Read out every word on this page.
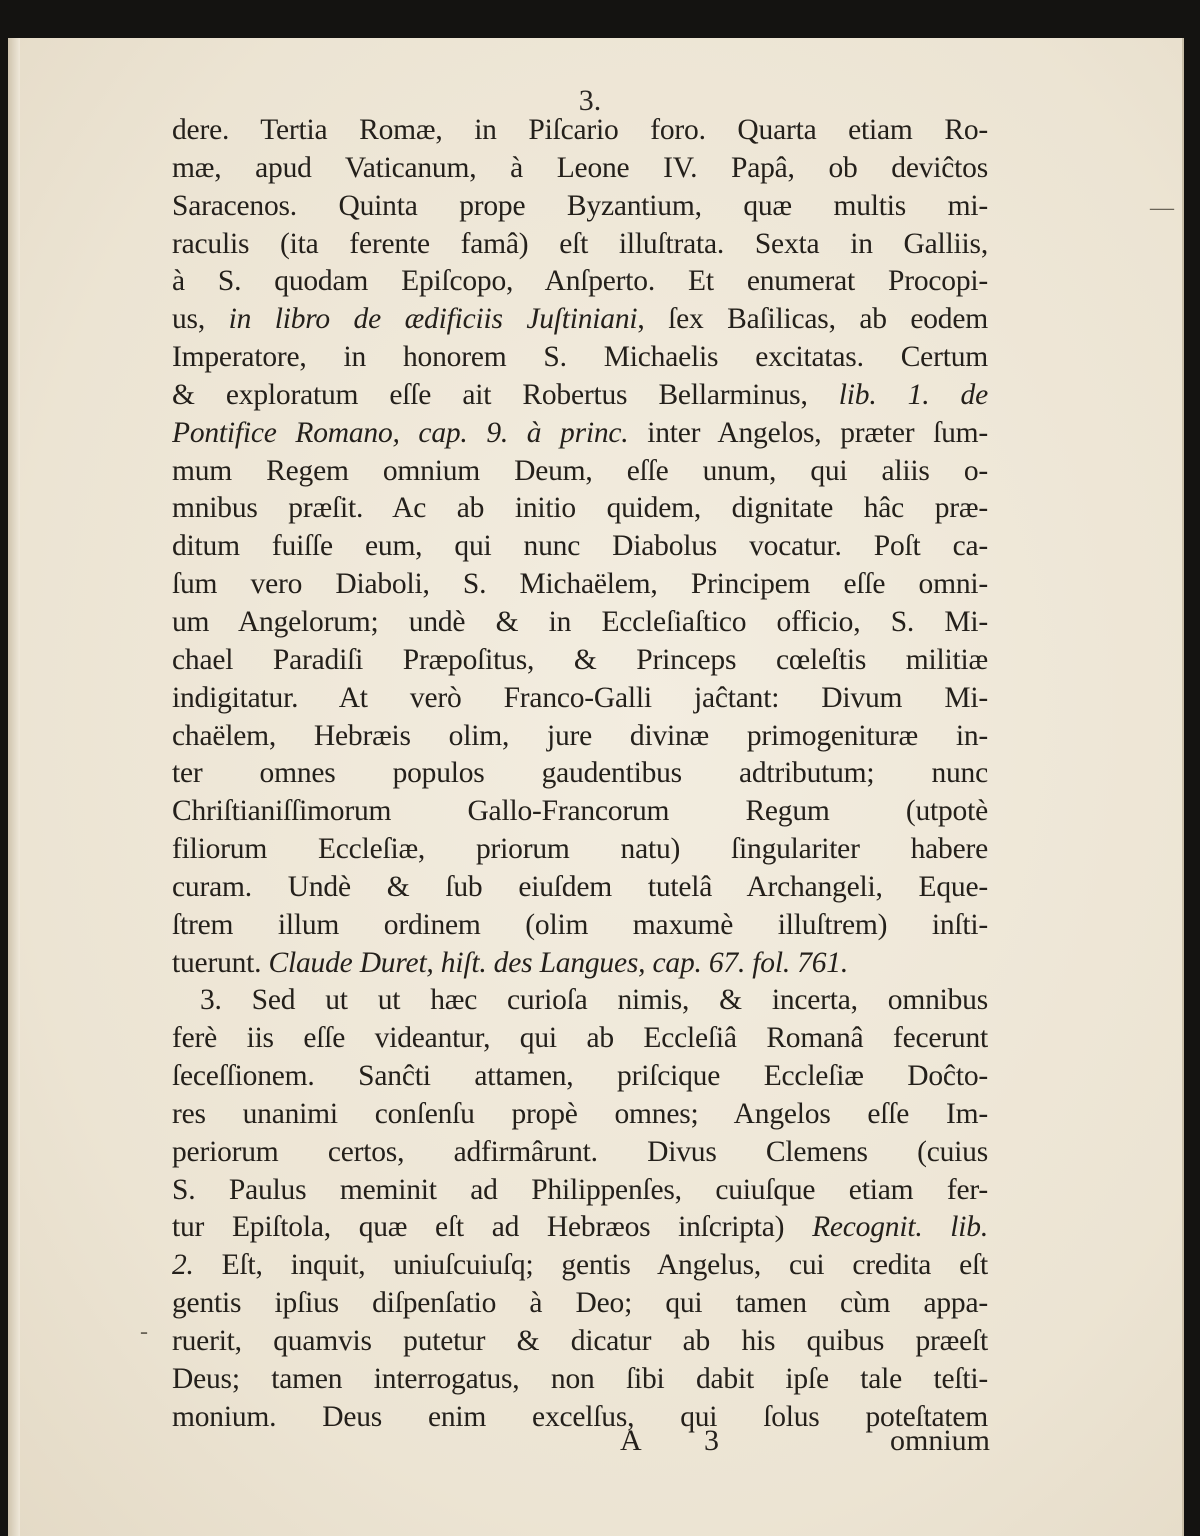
—
-
3.
dere. Tertia Romæ, in Piſcario foro. Quarta etiam Ro-
mæ, apud Vaticanum, à Leone IV. Papâ, ob deviĉtos
Saracenos. Quinta prope Byzantium, quæ multis mi-
raculis (ita ferente famâ) eſt illuſtrata. Sexta in Galliis,
à S. quodam Epiſcopo, Anſperto. Et enumerat Procopi-
us, in libro de ædificiis Juſtiniani, ſex Baſilicas, ab eodem
Imperatore, in honorem S. Michaelis excitatas. Certum
& exploratum eſſe ait Robertus Bellarminus, lib. 1. de
Pontifice Romano, cap. 9. à princ. inter Angelos, præter ſum-
mum Regem omnium Deum, eſſe unum, qui aliis o-
mnibus præſit. Ac ab initio quidem, dignitate hâc præ-
ditum fuiſſe eum, qui nunc Diabolus vocatur. Poſt ca-
ſum vero Diaboli, S. Michaëlem, Principem eſſe omni-
um Angelorum; undè & in Eccleſiaſtico officio, S. Mi-
chael Paradiſi Præpoſitus, & Princeps cœleſtis militiæ
indigitatur. At verò Franco-Galli jaĉtant: Divum Mi-
chaëlem, Hebræis olim, jure divinæ primogenituræ in-
ter omnes populos gaudentibus adtributum; nunc
Chriſtianiſſimorum Gallo-Francorum Regum (utpotè
filiorum Eccleſiæ, priorum natu) ſingulariter habere
curam. Undè & ſub eiuſdem tutelâ Archangeli, Eque-
ſtrem illum ordinem (olim maxumè illuſtrem) inſti-
tuerunt. Claude Duret, hiſt. des Langues, cap. 67. fol. 761.
3. Sed ut ut hæc curioſa nimis, & incerta, omnibus
ferè iis eſſe videantur, qui ab Eccleſiâ Romanâ fecerunt
ſeceſſionem. Sanĉti attamen, priſcique Eccleſiæ Doĉto-
res unanimi conſenſu propè omnes; Angelos eſſe Im-
periorum certos, adfirmârunt. Divus Clemens (cuius
S. Paulus meminit ad Philippenſes, cuiuſque etiam fer-
tur Epiſtola, quæ eſt ad Hebræos inſcripta) Recognit. lib.
2. Eſt, inquit, uniuſcuiuſq; gentis Angelus, cui credita eſt
gentis ipſius diſpenſatio à Deo; qui tamen cùm appa-
ruerit, quamvis putetur & dicatur ab his quibus præeſt
Deus; tamen interrogatus, non ſibi dabit ipſe tale teſti-
monium. Deus enim excelſus, qui ſolus poteſtatem
A 3	omnium
